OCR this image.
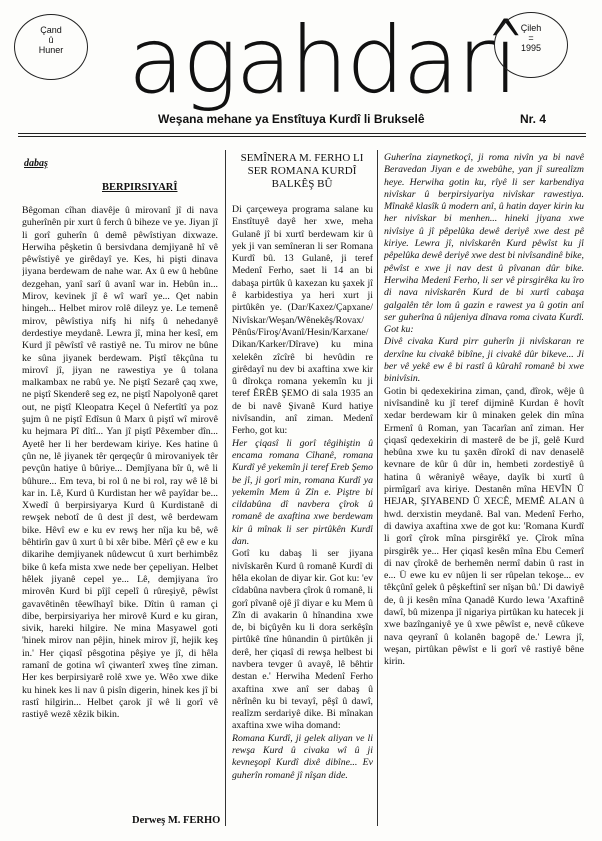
Çand
û
Huner agahdarî Çileh
=
1995
Weşana mehane ya Enstîtuya Kurdî li Brukselê	Nr. 4
dabaş
BERPIRSIYARÎ

Bêgoman cîhan diavêje û mirovanî jî di nava guherînên pir xurt û ferch û biheze ve ye. Jiyan jî li gorî guherîn û demê pêwîstiyan dixwaze. Herwiha pêşketin û bersivdana demjiyanê hî vê pêwîstiyê ye girêdayî ye. Kes, hi pişti dinava jiyana berdewam de nahe war. Ax û ew û hebûne dezgehan, yanî sarî û avanî war in. Hebûn in... Mirov, kevinek jî ê wî warî ye... Qet nabin hingeh... Helbet mirov rolê dileyz ye. Le temenê mirov, pêwîstiya nifş hi nifş û nehedanyê derdestiye meydanê. Lewra jî, mina her kesî, em Kurd jî pêwîstî vê rastiyê ne. Tu mirov ne bûne ke sûna jiyanek berdewam. Piştî têkçûna tu mirovî jî, jiyan ne rawestiya ye û tolana malkambax ne rabû ye. Ne piştî Sezarê çaq xwe, ne piştî Skenderê seg ez, ne piştî Napolyonê qaret out, ne piştî Kleopatra Keçel û Nefertîtî ya poz şujm û ne piştî Edîsun û Marx û piştî wî mirovê ku hejmara Pî dîtî... Yan jî piştî Pêxember dîn... Ayetê her li her berdewam kiriye. Kes hatine û çûn ne, lê jiyanek têr qerqeçûr û mirovaniyek têr pevçûn hatiye û bûriye... Demjîyana bîr û, wê li bûhure... Em teva, bi rol û ne bi rol, ray wê lê bi kar in. Lê, Kurd û Kurdistan her wê payîdar be... Xwedî û berpirsiyarya Kurd û Kurdistanê di rewşek nebotî de û dest jî dest, wê berdewam bike. Hêvî ew e ku ev rewş her nîja ku bê, wê bêhtirîn gav û xurt û bi xêr bibe. Mêrî çê ew e ku dikarihe demjiyanek nûdewcut û xurt berhimbêz bike û kefa mista xwe nede ber çepeliyan. Helbet hêlek jiyanê cepel ye... Lê, demjiyana îro mirovên Kurd bi pîjî cepelî û rûreşiyê, pêwîst gavavêtinên têewîhayî bike. Dîtin û raman çi dibe, berpirsiyariya her mirovê Kurd e ku giran, sivik, hareki hilgire. Ne mina Masyawel goti 'hinek mirov nan pêjin, hinek mirov jî, hejik keş in.' Her çiqasî pêsgotina pêşiye ye jî, di hêla ramanî de gotina wî çiwanterî xweş tîne ziman. Her kes berpirsiyarê rolê xwe ye. Wêo xwe dike ku hinek kes li nav û pisîn digerin, hinek kes jî bi rastî hilgirin... Helbet çarok jî wê li gorî vê rastiyê wezê xêzik bikin.

Derweş M. FERHO
SEMÎNERA M. FERHO LI
SER ROMANA KURDÎ
BALKÊŞ BÛ

Di çarçeweya programa salane ku Enstîtuyê dayê her xwe, meha Gulanê jî bi xurtî berdewam kir û yek ji van semîneran li ser Romana Kurdî bû. 13 Gulanê, ji teref Medenî Ferho, saet li 14 an bi dabaşa pirtûk û kaxezan ku şaxek jî ê karbidestiya ya heri xurt ji pirtûkên ye. (Dar/Kaxez/Çapxane/ Nivîskar/Weşan/Wênekêş/Rovax/ Pênûs/Firoş/Avanî/Hesin/Karxane/ Dikan/Karker/Dîrave) ku mina xelekên zîcîrê bi hevûdin re girêdayî nu dev bi axaftina xwe kir û dîrokça romana yekemîn ku ji teref ÊRÊB ŞEMO di sala 1935 an de bi navê Şivanê Kurd hatiye nivîsandin, anî ziman. Medenî Ferho, got ku:

Her çiqasî li gorî têgihiştin û encama romana Cîhanê, romana Kurdî yê yekemîn ji teref Ereb Şemo be jî, ji gorî min, romana Kurdî ya yekemîn Mem û Zîn e. Piştre bi cildabûna dî navbera çîrok û romanê de axaftina xwe berdewam kir û mînak li ser pirtûkên Kurdî dan.

Gotî ku dabaş li ser jiyana nivîskarên Kurd û romanê Kurdî di hêla ekolan de diyar kir. Got ku: 'ev cîdabûna navbera çîrok û romanê, li gorî pîvanê ojê jî diyar e ku Mem û Zîn di avakarin û hînandina xwe de, bi biçûyên ku li dora serkêşîn pirtûkê tîne hûnandin û pirtûkên ji derê, her çiqasî di rewşa helbest bi navbera tevger û avayê, lê bêhtir destan e.' Herwiha Medenî Ferho axaftina xwe anî ser dabaş û nêrînên ku bi tevayî, pêşî û dawî, realîzm serdariyê dike. Bi mînakan axaftina xwe wiha domand:

Romana Kurdî, ji gelek aliyan ve li rewşa Kurd û civaka wî û ji kevneşopî Kurdî dixê dibîne... Ev guherîn romanê jî nîşan dide.

Guherîna ziaynetkoçî, ji roma nivîn ya bi navê Beravedan Jiyan e de xwebûhe, yan jî surealîzm heye. Herwiha gotin ku, rîyê li ser karbendiya nivîskar û berpirsiyariya nivîskar rawestiya. Mînakê klasîk û modern anî, û hatin dayer kirin ku her nivîskar bi menhen... hineki jiyana xwe nivîsiye û jî pêpelûka dewê deriyê xwe dest pê kiriye. Lewra jî, nivîskarên Kurd pêwîst ku jî pêpelûka dewê deriyê xwe dest bi nivîsandinê bike, pêwîst e xwe ji nav dest û pîvanan dûr bike. Herwiha Medenî Ferho, li ser vê pirsgirêka ku îro di nava nivîskarên Kurd de bi xurtî cabaşa galgalên têr lom û gazin e rawest ya û gotin anî ser guherîna û nûjeniya dînava roma civata Kurdî. Got ku:

Divê civaka Kurd pirr guherîn ji nivîskaran re derxîne ku civakê bibîne, ji civakê dûr bikeve... Ji ber vê yekê ew ê bi rastî û kûrahî romanê bi xwe binivîsin.

Gotin bi qedexekirina ziman, çand, dîrok, wêje û nivîsandinê ku jî teref dijminê Kurdan ê hovît xedar berdewam kir û minaken gelek din mîna Ermenî û Roman, yan Tacarîan anî ziman. Her çiqasî qedexekirin di masterê de be jî, gelê Kurd hebûna xwe ku tu şaxên dîrokî di nav denaselê kevnare de kûr û dûr in, hembeti zordestiyê û hatina û wêraniyê wêaye, dayîk bi xurtî û pirmîgarî ava kiriye. Destanên mîna HEVÎN Û HEJAR, ŞIYABEND Û XECÊ, MEMÊ ALAN û hwd. derxistin meydanê. Bal van. Medenî Ferho, di dawiya axaftina xwe de got ku: 'Romana Kurdî li gorî çîrok mîna pirsgirêkî ye. Çîrok mîna pirsgirêk ye... Her çiqasî kesên mîna Ebu Cemerî di nav çîrokê de berhemên nermî dabin û rast in e... Ü ewe ku ev nûjen li ser rûpelan tekoşe... ev têkçûnî gelek û pêşkeftinî ser nîşan bû.' Di dawiyê de, û ji kesên mîna Qanadê Kurdo lewa 'Axaftinê dawî, bû mizenpa jî nigariya pirtûkan ku hatecek ji xwe bazînganiyê ye û xwe pêwîst e, nevê cûkeve nava qeyranî û kolanên bagopê de.' Lewra jî, weşan, pirtûkan pêwîst e li gorî vê rastiyê bêne kirin.
